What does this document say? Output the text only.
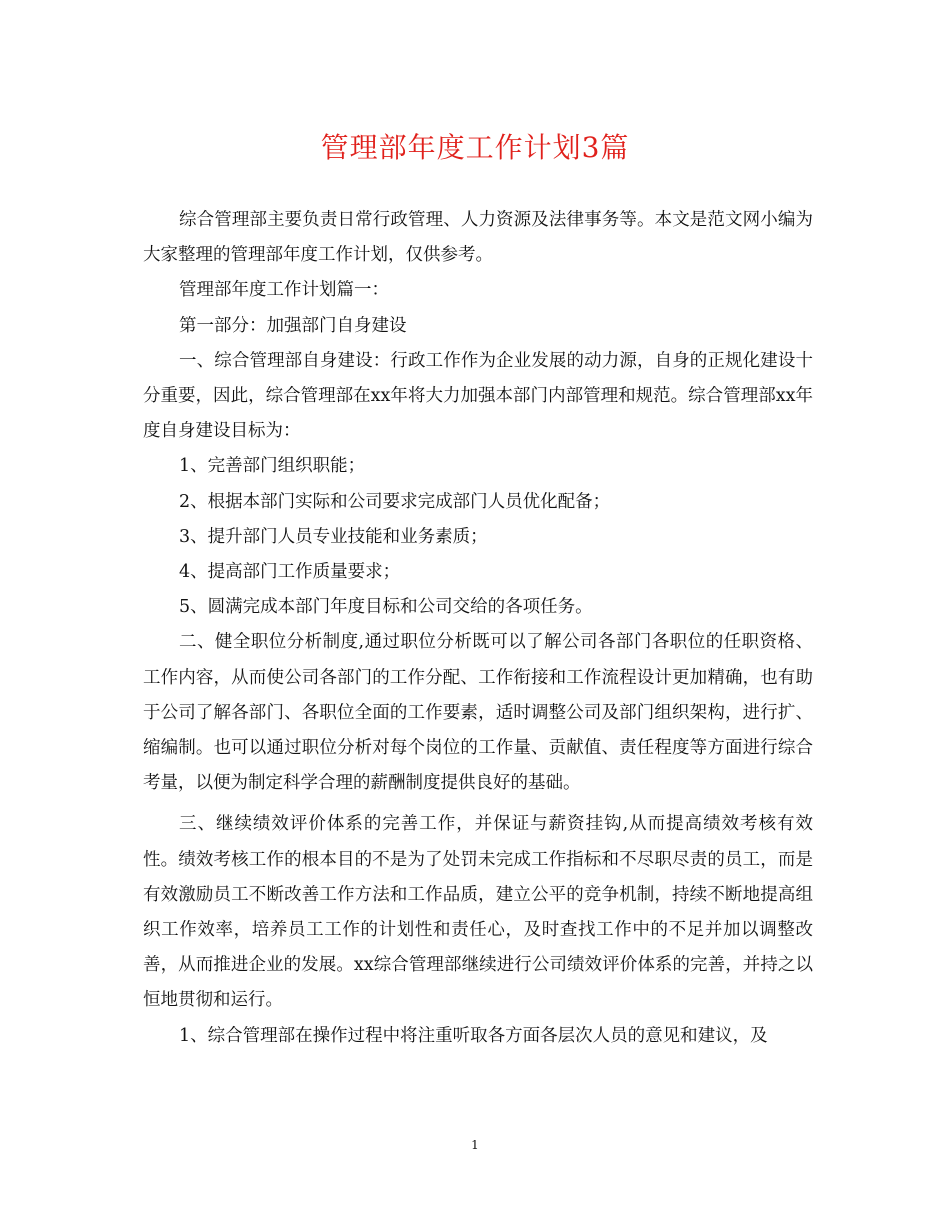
管理部年度工作计划3篇

综合管理部主要负责日常行政管理、人力资源及法律事务等。本文是范文网小编为大家整理的管理部年度工作计划，仅供参考。

管理部年度工作计划篇一：

第一部分：加强部门自身建设

一、综合管理部自身建设：行政工作作为企业发展的动力源，自身的正规化建设十分重要，因此，综合管理部在xx年将大力加强本部门内部管理和规范。综合管理部xx年度自身建设目标为：

1、完善部门组织职能；

2、根据本部门实际和公司要求完成部门人员优化配备；

3、提升部门人员专业技能和业务素质；

4、提高部门工作质量要求；

5、圆满完成本部门年度目标和公司交给的各项任务。

二、健全职位分析制度,通过职位分析既可以了解公司各部门各职位的任职资格、工作内容，从而使公司各部门的工作分配、工作衔接和工作流程设计更加精确，也有助于公司了解各部门、各职位全面的工作要素，适时调整公司及部门组织架构，进行扩、缩编制。也可以通过职位分析对每个岗位的工作量、贡献值、责任程度等方面进行综合考量，以便为制定科学合理的薪酬制度提供良好的基础。

三、继续绩效评价体系的完善工作，并保证与薪资挂钩,从而提高绩效考核有效性。绩效考核工作的根本目的不是为了处罚未完成工作指标和不尽职尽责的员工，而是有效激励员工不断改善工作方法和工作品质，建立公平的竞争机制，持续不断地提高组织工作效率，培养员工工作的计划性和责任心，及时查找工作中的不足并加以调整改善，从而推进企业的发展。xx综合管理部继续进行公司绩效评价体系的完善，并持之以恒地贯彻和运行。

1、综合管理部在操作过程中将注重听取各方面各层次人员的意见和建议，及

1
